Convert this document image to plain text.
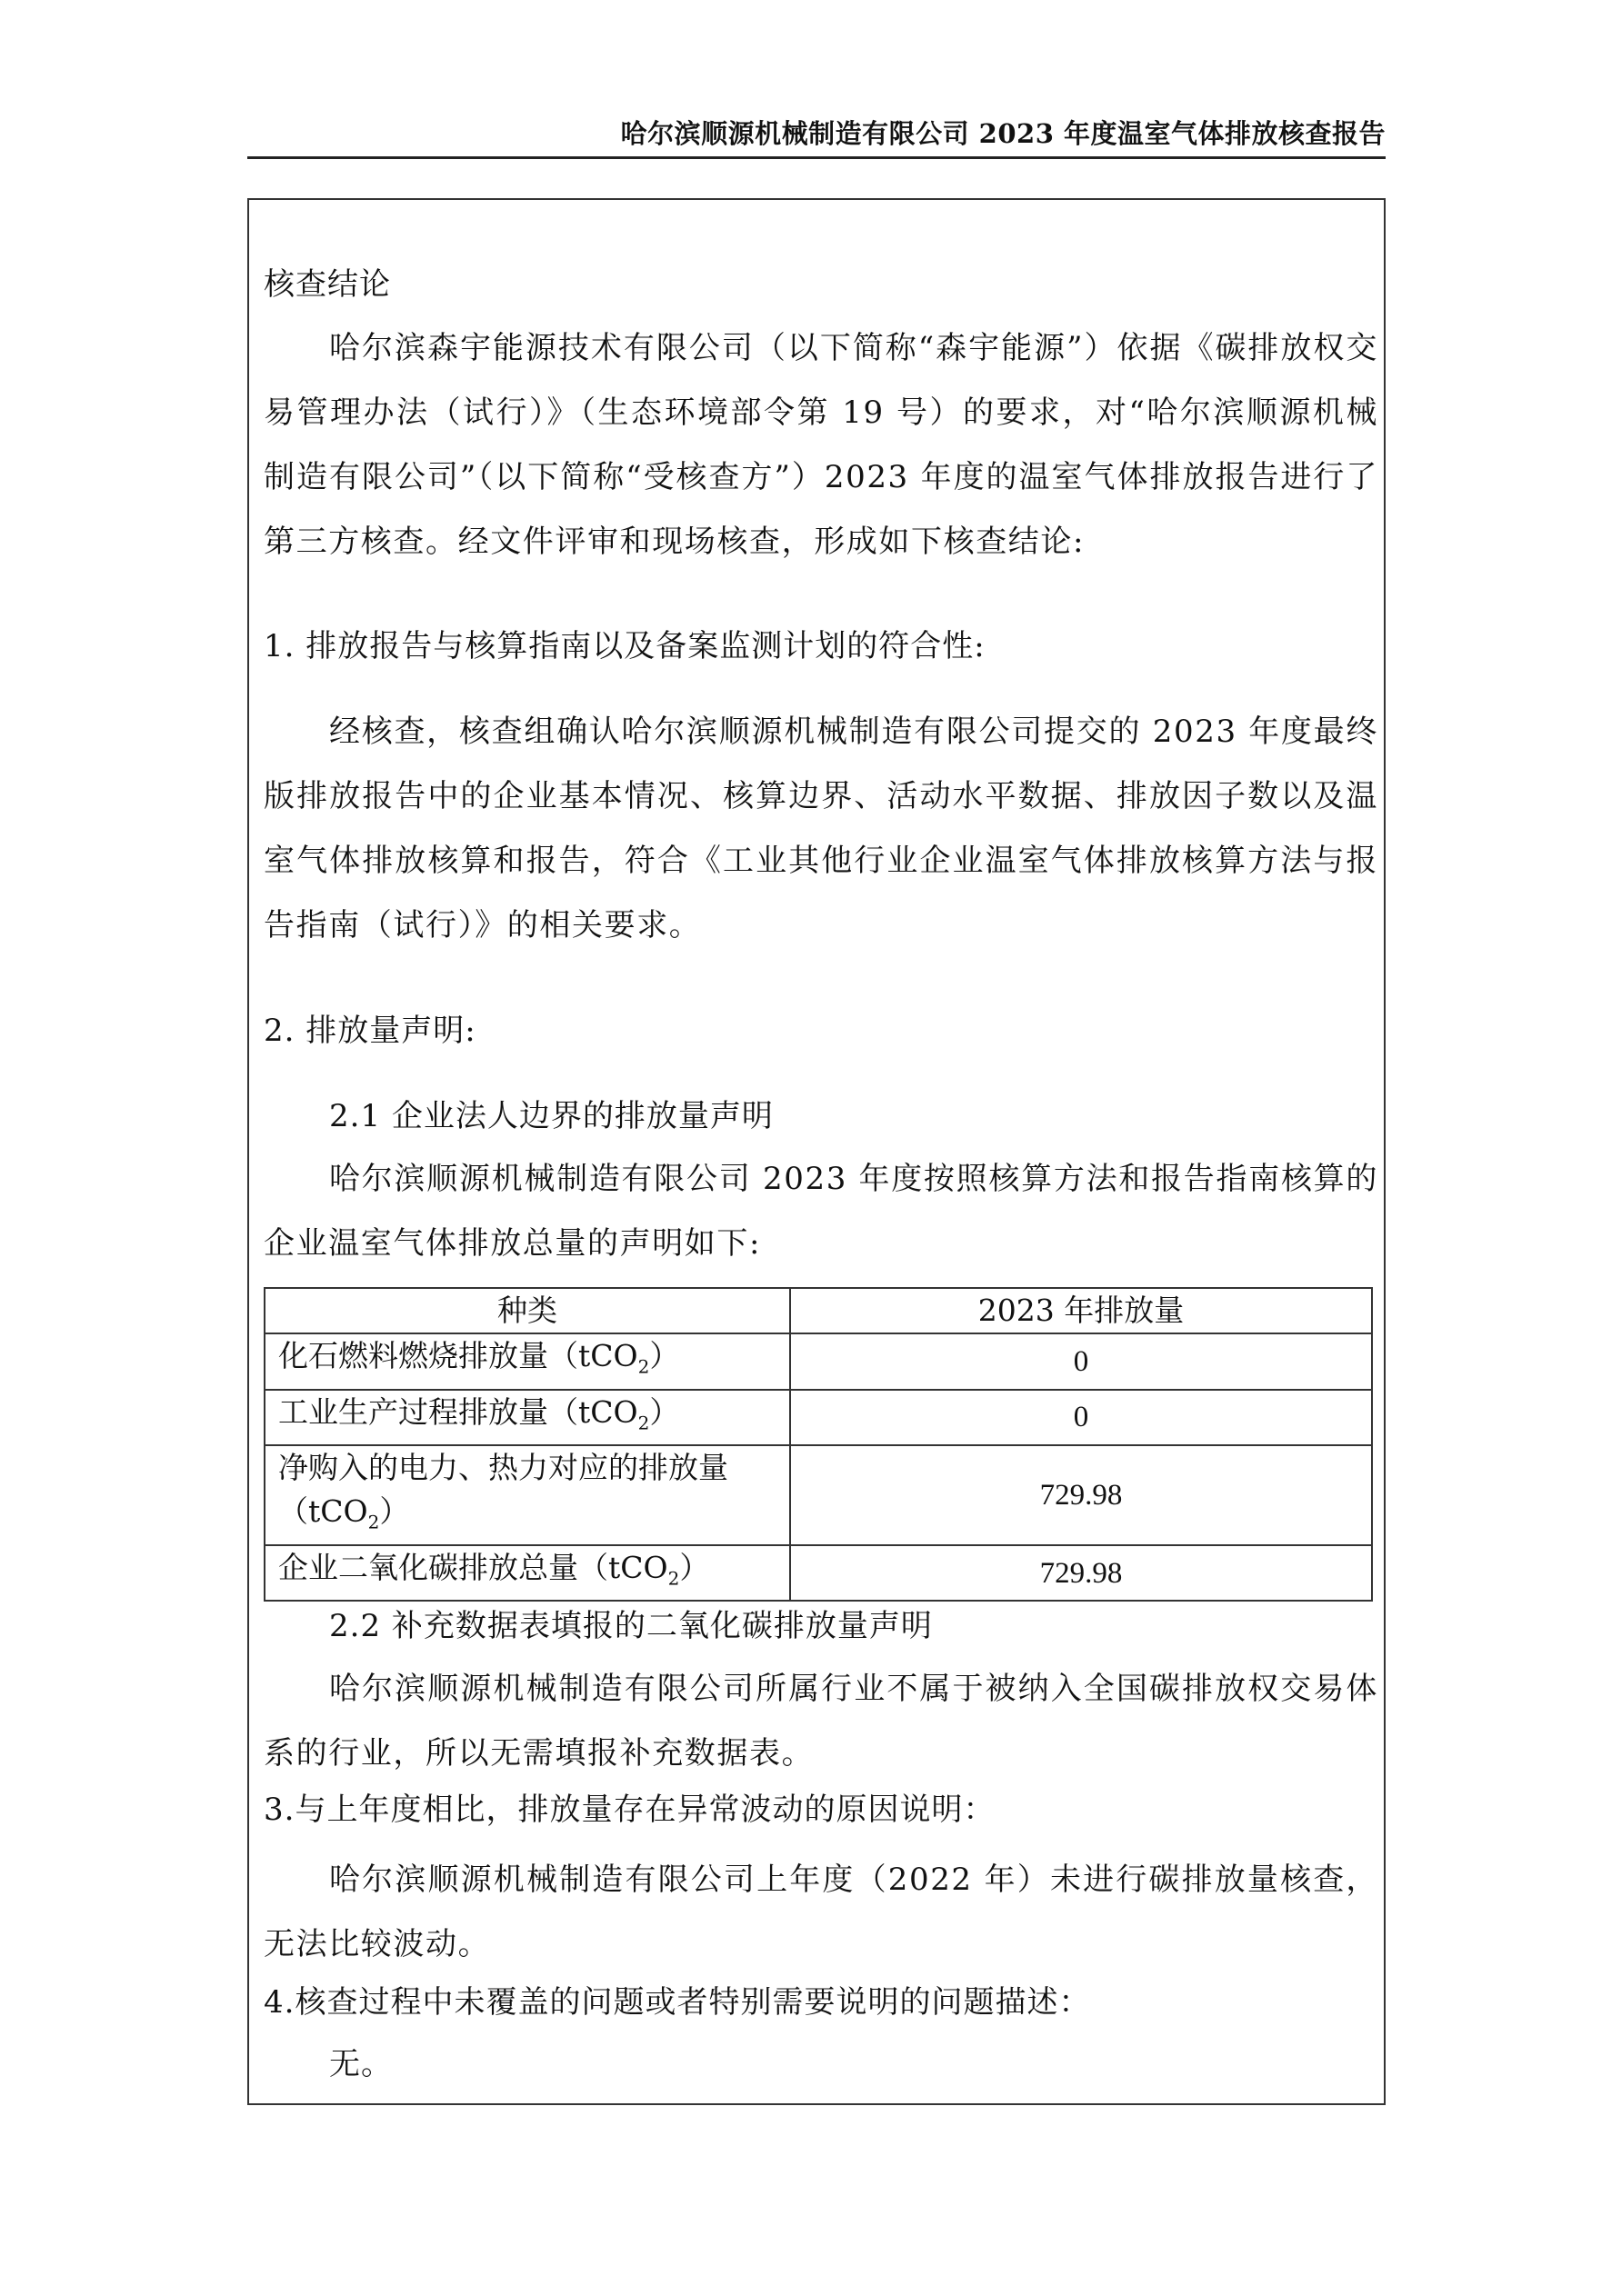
哈尔滨顺源机械制造有限公司 2023 年度温室气体排放核查报告
核查结论

哈尔滨森宇能源技术有限公司（以下简称“森宇能源”）依据《碳排放权交易管理办法（试行）》（生态环境部令第 19 号）的要求，对“哈尔滨顺源机械制造有限公司”（以下简称“受核查方”）2023 年度的温室气体排放报告进行了第三方核查。经文件评审和现场核查，形成如下核查结论:

1. 排放报告与核算指南以及备案监测计划的符合性:

经核查，核查组确认哈尔滨顺源机械制造有限公司提交的 2023 年度最终版排放报告中的企业基本情况、核算边界、活动水平数据、排放因子数以及温室气体排放核算和报告，符合《工业其他行业企业温室气体排放核算方法与报告指南（试行）》的相关要求。

2. 排放量声明:
2.1 企业法人边界的排放量声明

哈尔滨顺源机械制造有限公司 2023 年度按照核算方法和报告指南核算的企业温室气体排放总量的声明如下:

种类	2023 年排放量
化石燃料燃烧排放量（tCO$_2$）	0
工业生产过程排放量（tCO$_2$）	0

净购入的电力、热力对应的排放量
（tCO$_2$）	729.98
企业二氧化碳排放总量（tCO$_2$）	729.98
2.2 补充数据表填报的二氧化碳排放量声明

哈尔滨顺源机械制造有限公司所属行业不属于被纳入全国碳排放权交易体系的行业，所以无需填报补充数据表。

3.与上年度相比，排放量存在异常波动的原因说明：

哈尔滨顺源机械制造有限公司上年度（2022 年）未进行碳排放量核查，无法比较波动。

4.核查过程中未覆盖的问题或者特别需要说明的问题描述：
无。
